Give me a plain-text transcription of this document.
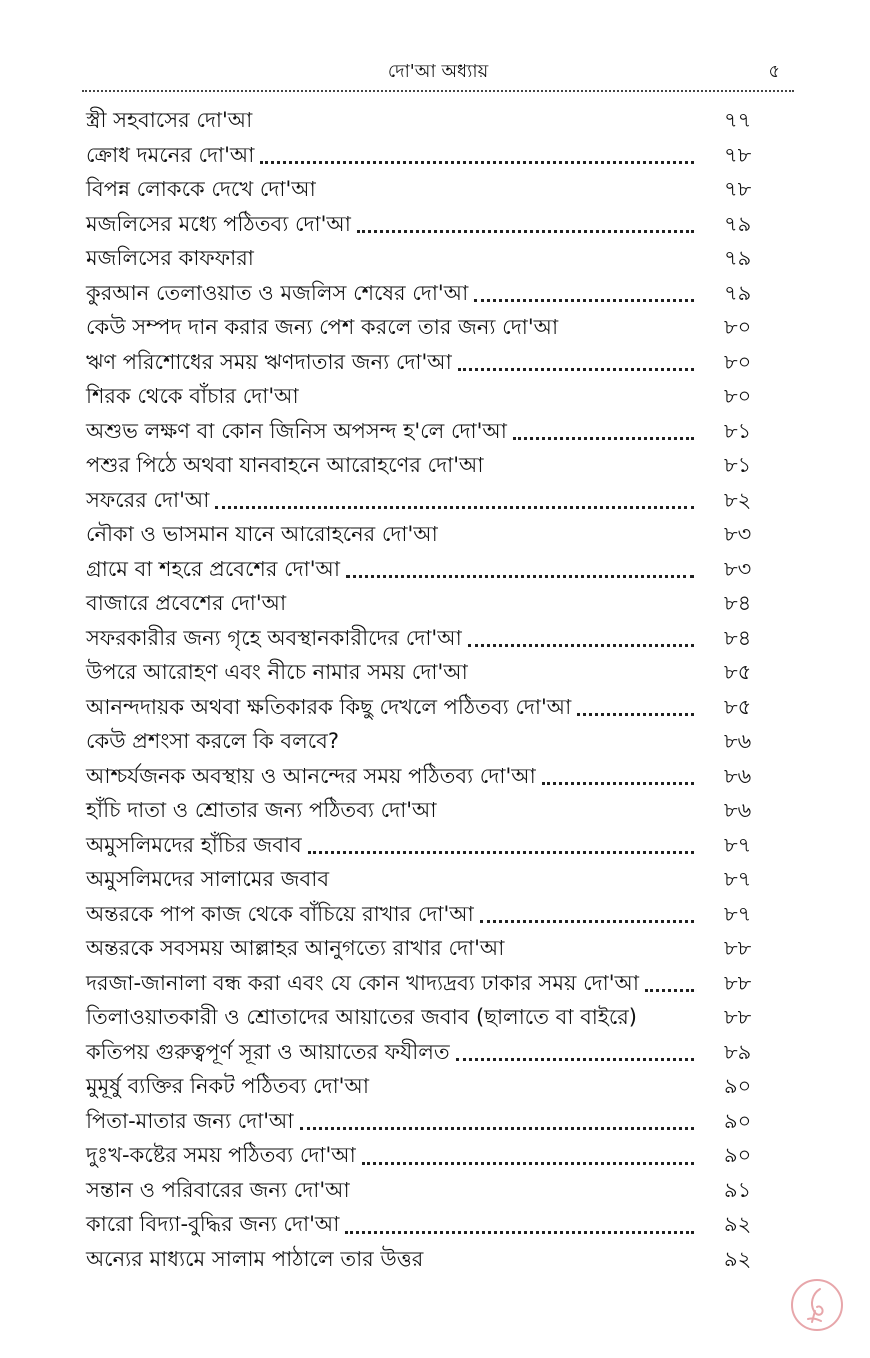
দো'আ অধ্যায়	৫
স্ত্রী সহবাসের দো'আ	৭৭
ক্রোধ দমনের দো'আ	৭৮
বিপন্ন লোককে দেখে দো'আ	৭৮
মজলিসের মধ্যে পঠিতব্য দো'আ	৭৯
মজলিসের কাফফারা	৭৯
কুরআন তেলাওয়াত ও মজলিস শেষের দো'আ	৭৯
কেউ সম্পদ দান করার জন্য পেশ করলে তার জন্য দো'আ	৮০
ঋণ পরিশোধের সময় ঋণদাতার জন্য দো'আ	৮০
শিরক থেকে বাঁচার দো'আ	৮০
অশুভ লক্ষণ বা কোন জিনিস অপসন্দ হ'লে দো'আ	৮১
পশুর পিঠে অথবা যানবাহনে আরোহণের দো'আ	৮১
সফরের দো'আ	৮২
নৌকা ও ভাসমান যানে আরোহনের দো'আ	৮৩
গ্রামে বা শহরে প্রবেশের দো'আ	৮৩
বাজারে প্রবেশের দো'আ	৮৪
সফরকারীর জন্য গৃহে অবস্থানকারীদের দো'আ	৮৪
উপরে আরোহণ এবং নীচে নামার সময় দো'আ	৮৫
আনন্দদায়ক অথবা ক্ষতিকারক কিছু দেখলে পঠিতব্য দো'আ	৮৫
কেউ প্রশংসা করলে কি বলবে?	৮৬
আশ্চর্যজনক অবস্থায় ও আনন্দের সময় পঠিতব্য দো'আ	৮৬
হাঁচি দাতা ও শ্রোতার জন্য পঠিতব্য দো'আ	৮৬
অমুসলিমদের হাঁচির জবাব	৮৭
অমুসলিমদের সালামের জবাব	৮৭
অন্তরকে পাপ কাজ থেকে বাঁচিয়ে রাখার দো'আ	৮৭
অন্তরকে সবসময় আল্লাহর আনুগত্যে রাখার দো'আ	৮৮
দরজা-জানালা বন্ধ করা এবং যে কোন খাদ্যদ্রব্য ঢাকার সময় দো'আ	৮৮
তিলাওয়াতকারী ও শ্রোতাদের আয়াতের জবাব (ছালাতে বা বাইরে)	৮৮
কতিপয় গুরুত্বপূর্ণ সূরা ও আয়াতের ফযীলত	৮৯
মুমূর্ষু ব্যক্তির নিকট পঠিতব্য দো'আ	৯০
পিতা-মাতার জন্য দো'আ	৯০
দুঃখ-কষ্টের সময় পঠিতব্য দো'আ	৯০
সন্তান ও পরিবারের জন্য দো'আ	৯১
কারো বিদ্যা-বুদ্ধির জন্য দো'আ	৯২
অন্যের মাধ্যমে সালাম পাঠালে তার উত্তর	৯২
